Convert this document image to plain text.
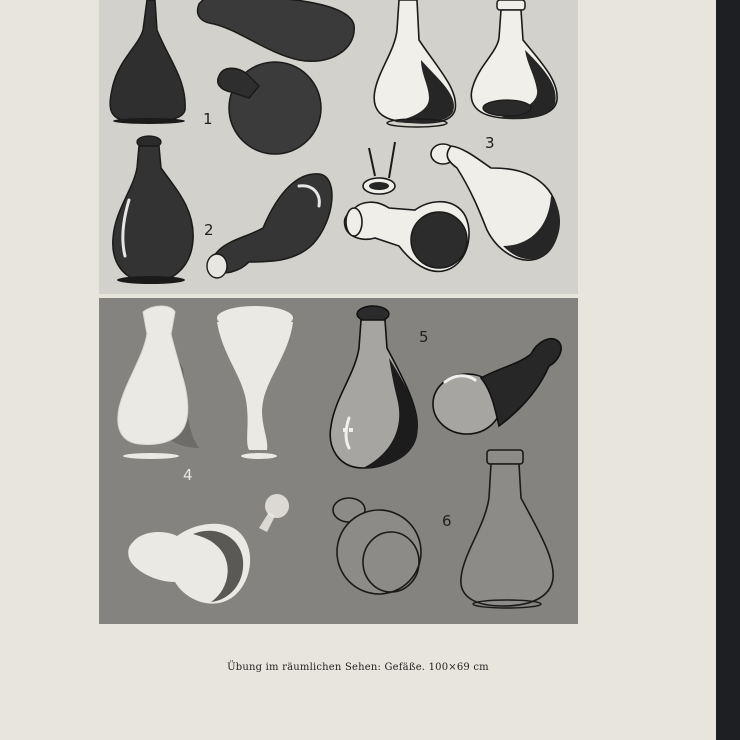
1
2
3
4
5
6
Übung im räumlichen Sehen: Gefäße. 100×69 cm
